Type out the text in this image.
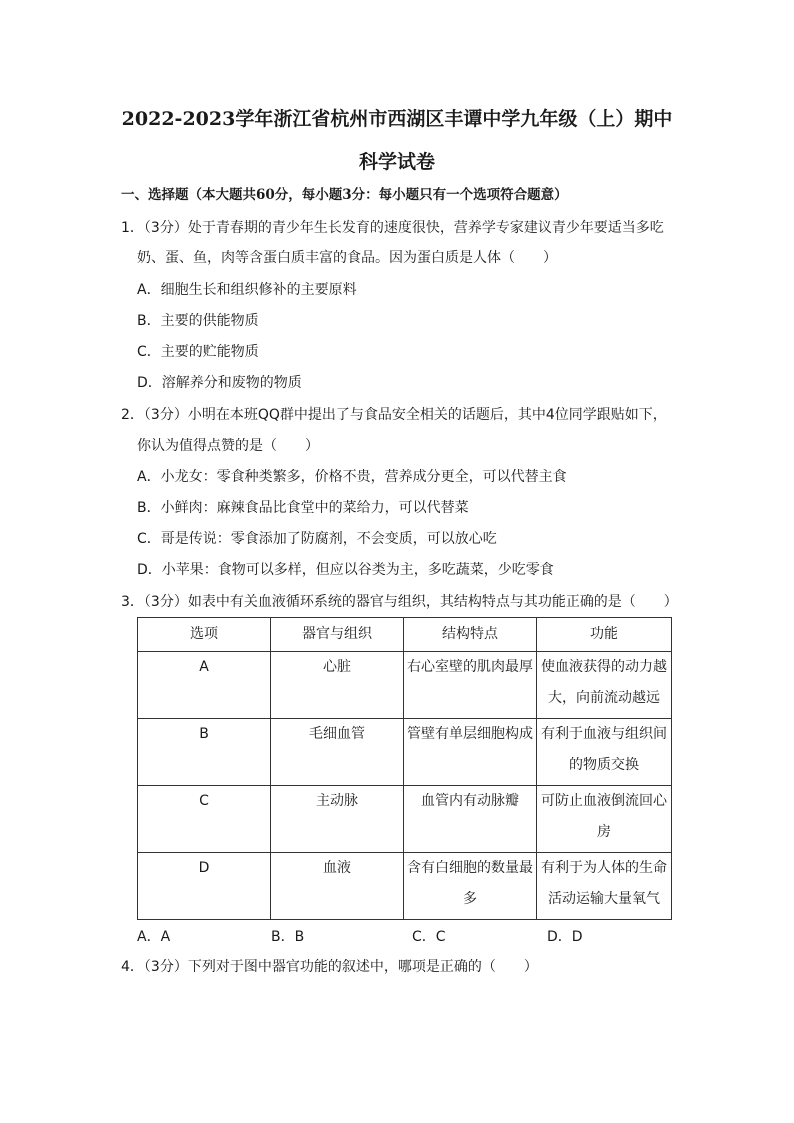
2022-2023学年浙江省杭州市西湖区丰谭中学九年级（上）期中
科学试卷
一、选择题（本大题共60分，每小题3分：每小题只有一个选项符合题意）
1．（3分）处于青春期的青少年生长发育的速度很快，营养学专家建议青少年要适当多吃
奶、蛋、鱼，肉等含蛋白质丰富的食品。因为蛋白质是人体（　　）
A．细胞生长和组织修补的主要原料
B．主要的供能物质
C．主要的贮能物质
D．溶解养分和废物的物质
2．（3分）小明在本班QQ群中提出了与食品安全相关的话题后，其中4位同学跟贴如下，
你认为值得点赞的是（　　）
A．小龙女：零食种类繁多，价格不贵，营养成分更全，可以代替主食
B．小鲜肉：麻辣食品比食堂中的菜给力，可以代替菜
C．哥是传说：零食添加了防腐剂，不会变质，可以放心吃
D．小苹果：食物可以多样，但应以谷类为主，多吃蔬菜，少吃零食
3．（3分）如表中有关血液循环系统的器官与组织，其结构特点与其功能正确的是（　　）
选项	器官与组织	结构特点	功能
A	心脏	右心室壁的肌肉最厚	使血液获得的动力越大，向前流动越远
B	毛细血管	管壁有单层细胞构成	有利于血液与组织间的物质交换
C	主动脉	血管内有动脉瓣	可防止血液倒流回心房
D	血液	含有白细胞的数量最多	有利于为人体的生命活动运输大量氧气
A．A	B．B	C．C	D．D
4．（3分）下列对于图中器官功能的叙述中，哪项是正确的（　　）
